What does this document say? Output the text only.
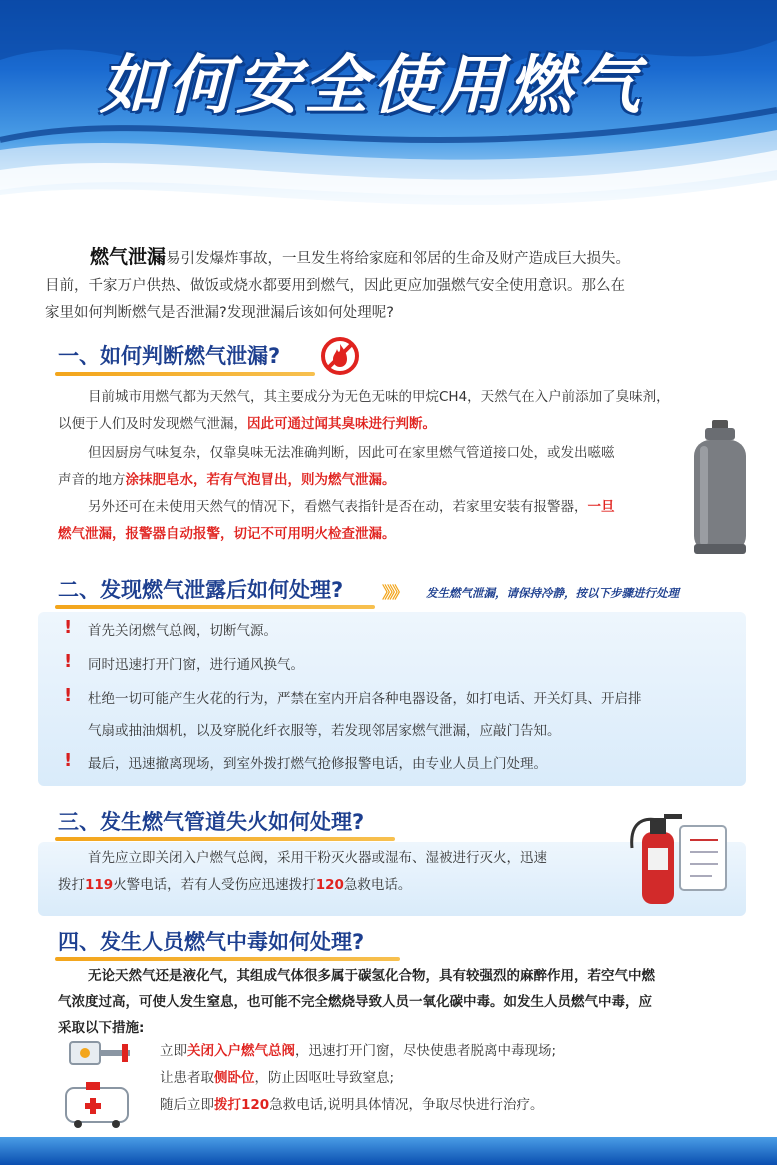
如何安全使用燃气
燃气泄漏易引发爆炸事故，一旦发生将给家庭和邻居的生命及财产造成巨大损失。
目前，千家万户供热、做饭或烧水都要用到燃气，因此更应加强燃气安全使用意识。那么在
家里如何判断燃气是否泄漏?发现泄漏后该如何处理呢?
一、如何判断燃气泄漏?
目前城市用燃气都为天然气，其主要成分为无色无味的甲烷CH4，天然气在入户前添加了臭味剂，
以便于人们及时发现燃气泄漏，因此可通过闻其臭味进行判断。
但因厨房气味复杂，仅靠臭味无法准确判断，因此可在家里燃气管道接口处，或发出嗞嗞
声音的地方涂抹肥皂水，若有气泡冒出，则为燃气泄漏。
另外还可在未使用天然气的情况下，看燃气表指针是否在动，若家里安装有报警器，一旦
燃气泄漏，报警器自动报警，切记不可用明火检查泄漏。
二、发现燃气泄露后如何处理? 》》》 发生燃气泄漏，请保持冷静，按以下步骤进行处理
! 首先关闭燃气总阀，切断气源。
! 同时迅速打开门窗，进行通风换气。
! 杜绝一切可能产生火花的行为，严禁在室内开启各种电器设备，如打电话、开关灯具、开启排
气扇或抽油烟机，以及穿脱化纤衣服等，若发现邻居家燃气泄漏，应敲门告知。
! 最后，迅速撤离现场，到室外拨打燃气抢修报警电话，由专业人员上门处理。
三、发生燃气管道失火如何处理?
首先应立即关闭入户燃气总阀，采用干粉灭火器或湿布、湿被进行灭火，迅速
拨打119火警电话，若有人受伤应迅速拨打120急救电话。
四、发生人员燃气中毒如何处理?
无论天然气还是液化气，其组成气体很多属于碳氢化合物，具有较强烈的麻醉作用，若空气中燃
气浓度过高，可使人发生窒息，也可能不完全燃烧导致人员一氧化碳中毒。如发生人员燃气中毒，应
采取以下措施:
立即关闭入户燃气总阀，迅速打开门窗，尽快使患者脱离中毒现场;
让患者取侧卧位，防止因呕吐导致窒息;
随后立即拨打120急救电话,说明具体情况，争取尽快进行治疗。
